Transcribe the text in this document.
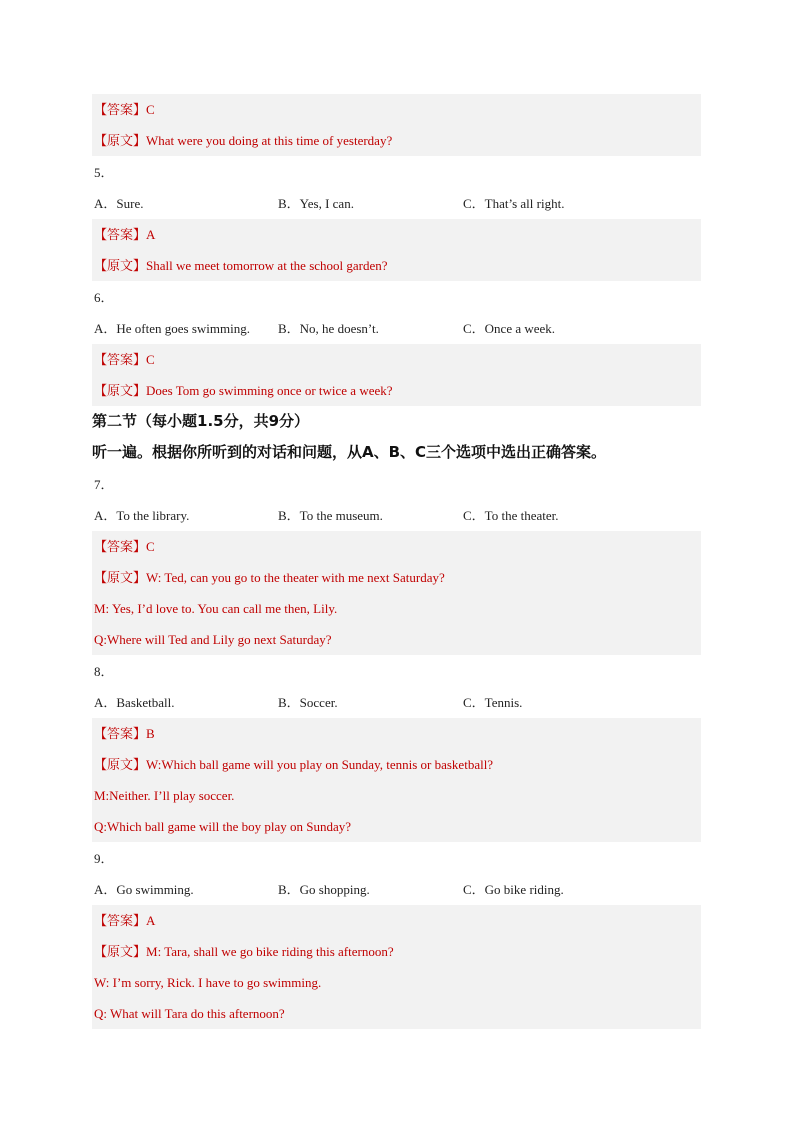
【答案】C
【原文】What were you doing at this time of yesterday?
5．
A．Sure.	B．Yes, I can.	C．That’s all right.
【答案】A
【原文】Shall we meet tomorrow at the school garden?
6．
A．He often goes swimming. B．No, he doesn’t.	C．Once a week.
【答案】C
【原文】Does Tom go swimming once or twice a week?
第二节（每小题1.5分，共9分）
听一遍。根据你所听到的对话和问题，从A、B、C三个选项中选出正确答案。
7．
A．To the library.	B．To the museum.	C．To the theater.
【答案】C
【原文】W: Ted, can you go to the theater with me next Saturday?
M: Yes, I’d love to. You can call me then, Lily.
Q:Where will Ted and Lily go next Saturday?
8．
A．Basketball.	B．Soccer.	C．Tennis.
【答案】B
【原文】W:Which ball game will you play on Sunday, tennis or basketball?
M:Neither. I’ll play soccer.
Q:Which ball game will the boy play on Sunday?
9．
A．Go swimming.	B．Go shopping.	C．Go bike riding.
【答案】A
【原文】M: Tara, shall we go bike riding this afternoon?
W: I’m sorry, Rick. I have to go swimming.
Q: What will Tara do this afternoon?
